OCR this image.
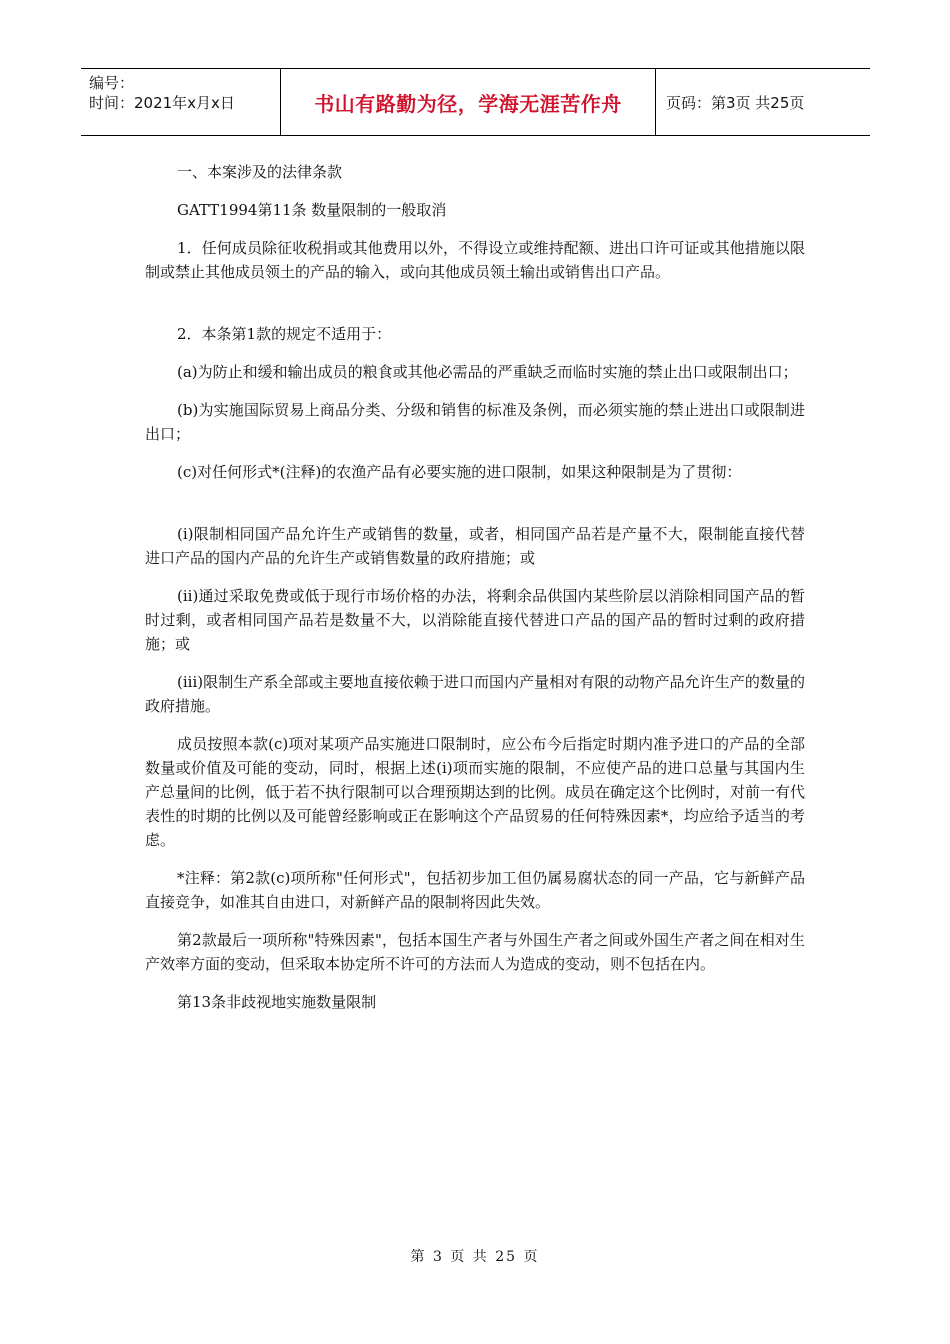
编号：
时间：2021年x月x日	书山有路勤为径，学海无涯苦作舟	页码：第3页 共25页

一、本案涉及的法律条款

GATT1994第11条 数量限制的一般取消

1．任何成员除征收税捐或其他费用以外，不得设立或维持配额、进出口许可证或其他措施以限制或禁止其他成员领土的产品的输入，或向其他成员领土输出或销售出口产品。

2．本条第1款的规定不适用于：

(a)为防止和缓和输出成员的粮食或其他必需品的严重缺乏而临时实施的禁止出口或限制出口；

(b)为实施国际贸易上商品分类、分级和销售的标准及条例，而必须实施的禁止进出口或限制进出口；

(c)对任何形式*(注释)的农渔产品有必要实施的进口限制，如果这种限制是为了贯彻：

(i)限制相同国产品允许生产或销售的数量，或者，相同国产品若是产量不大，限制能直接代替进口产品的国内产品的允许生产或销售数量的政府措施；或

(ii)通过采取免费或低于现行市场价格的办法，将剩余品供国内某些阶层以消除相同国产品的暂时过剩，或者相同国产品若是数量不大，以消除能直接代替进口产品的国产品的暂时过剩的政府措施；或

(iii)限制生产系全部或主要地直接依赖于进口而国内产量相对有限的动物产品允许生产的数量的政府措施。

成员按照本款(c)项对某项产品实施进口限制时，应公布今后指定时期内准予进口的产品的全部数量或价值及可能的变动，同时，根据上述(i)项而实施的限制，不应使产品的进口总量与其国内生产总量间的比例，低于若不执行限制可以合理预期达到的比例。成员在确定这个比例时，对前一有代表性的时期的比例以及可能曾经影响或正在影响这个产品贸易的任何特殊因素*，均应给予适当的考虑。

*注释：第2款(c)项所称"任何形式"，包括初步加工但仍属易腐状态的同一产品，它与新鲜产品直接竞争，如准其自由进口，对新鲜产品的限制将因此失效。

第2款最后一项所称"特殊因素"，包括本国生产者与外国生产者之间或外国生产者之间在相对生产效率方面的变动，但采取本协定所不许可的方法而人为造成的变动，则不包括在内。

第13条非歧视地实施数量限制

第 3 页 共 25 页
